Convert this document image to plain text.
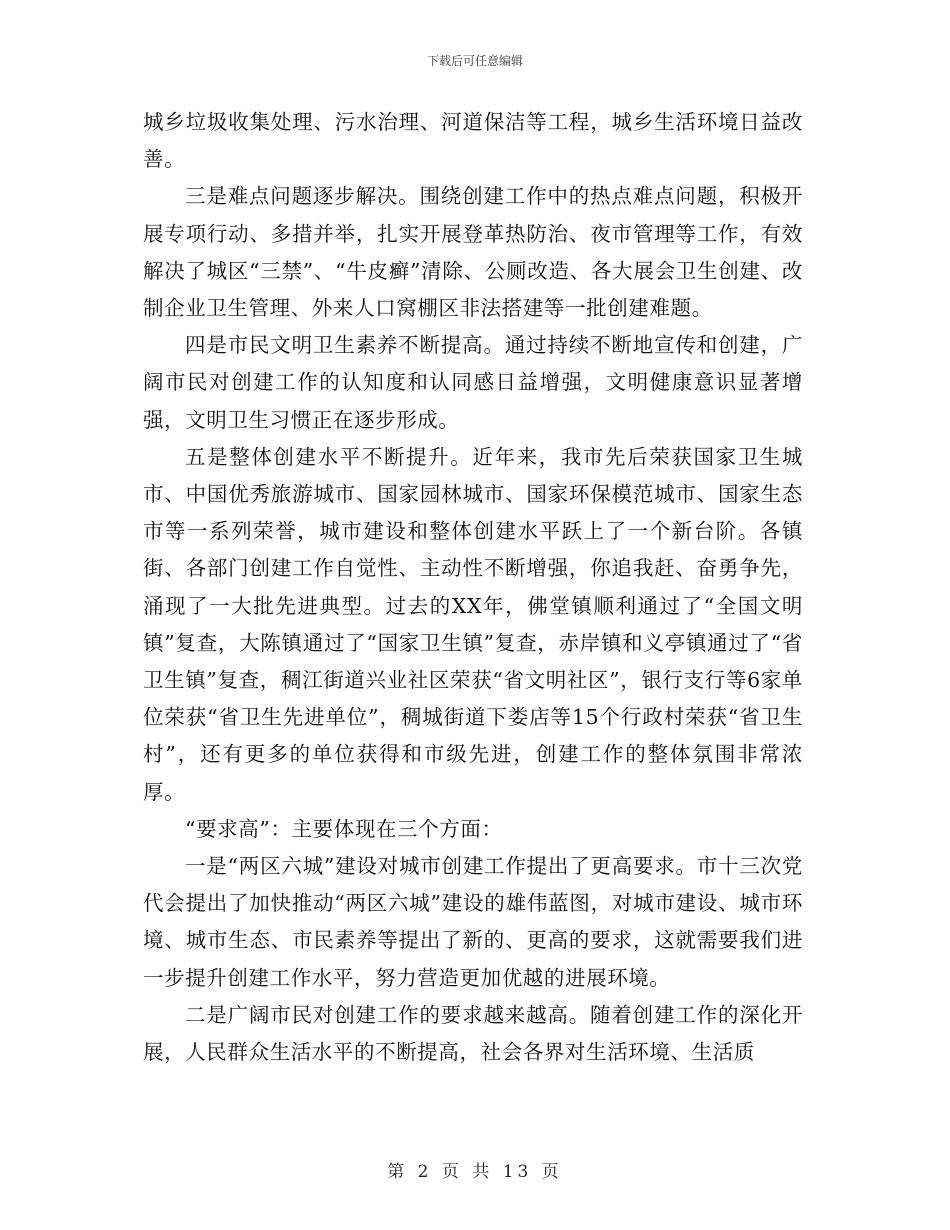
下载后可任意编辑

城乡垃圾收集处理、污水治理、河道保洁等工程，城乡生活环境日益改善。

三是难点问题逐步解决。围绕创建工作中的热点难点问题，积极开展专项行动、多措并举，扎实开展登革热防治、夜市管理等工作，有效解决了城区“三禁”、“牛皮癣”清除、公厕改造、各大展会卫生创建、改制企业卫生管理、外来人口窝棚区非法搭建等一批创建难题。

四是市民文明卫生素养不断提高。通过持续不断地宣传和创建，广阔市民对创建工作的认知度和认同感日益增强，文明健康意识显著增强，文明卫生习惯正在逐步形成。

五是整体创建水平不断提升。近年来，我市先后荣获国家卫生城市、中国优秀旅游城市、国家园林城市、国家环保模范城市、国家生态市等一系列荣誉，城市建设和整体创建水平跃上了一个新台阶。各镇街、各部门创建工作自觉性、主动性不断增强，你追我赶、奋勇争先，涌现了一大批先进典型。过去的XX年，佛堂镇顺利通过了“全国文明镇”复查，大陈镇通过了“国家卫生镇”复查，赤岸镇和义亭镇通过了“省卫生镇”复查，稠江街道兴业社区荣获“省文明社区”，银行支行等6家单位荣获“省卫生先进单位”，稠城街道下娄店等15个行政村荣获“省卫生村”，还有更多的单位获得和市级先进，创建工作的整体氛围非常浓厚。

“要求高”：主要体现在三个方面：

一是“两区六城”建设对城市创建工作提出了更高要求。市十三次党代会提出了加快推动“两区六城”建设的雄伟蓝图，对城市建设、城市环境、城市生态、市民素养等提出了新的、更高的要求，这就需要我们进一步提升创建工作水平，努力营造更加优越的进展环境。

二是广阔市民对创建工作的要求越来越高。随着创建工作的深化开展，人民群众生活水平的不断提高，社会各界对生活环境、生活质

第 2 页 共 13 页
